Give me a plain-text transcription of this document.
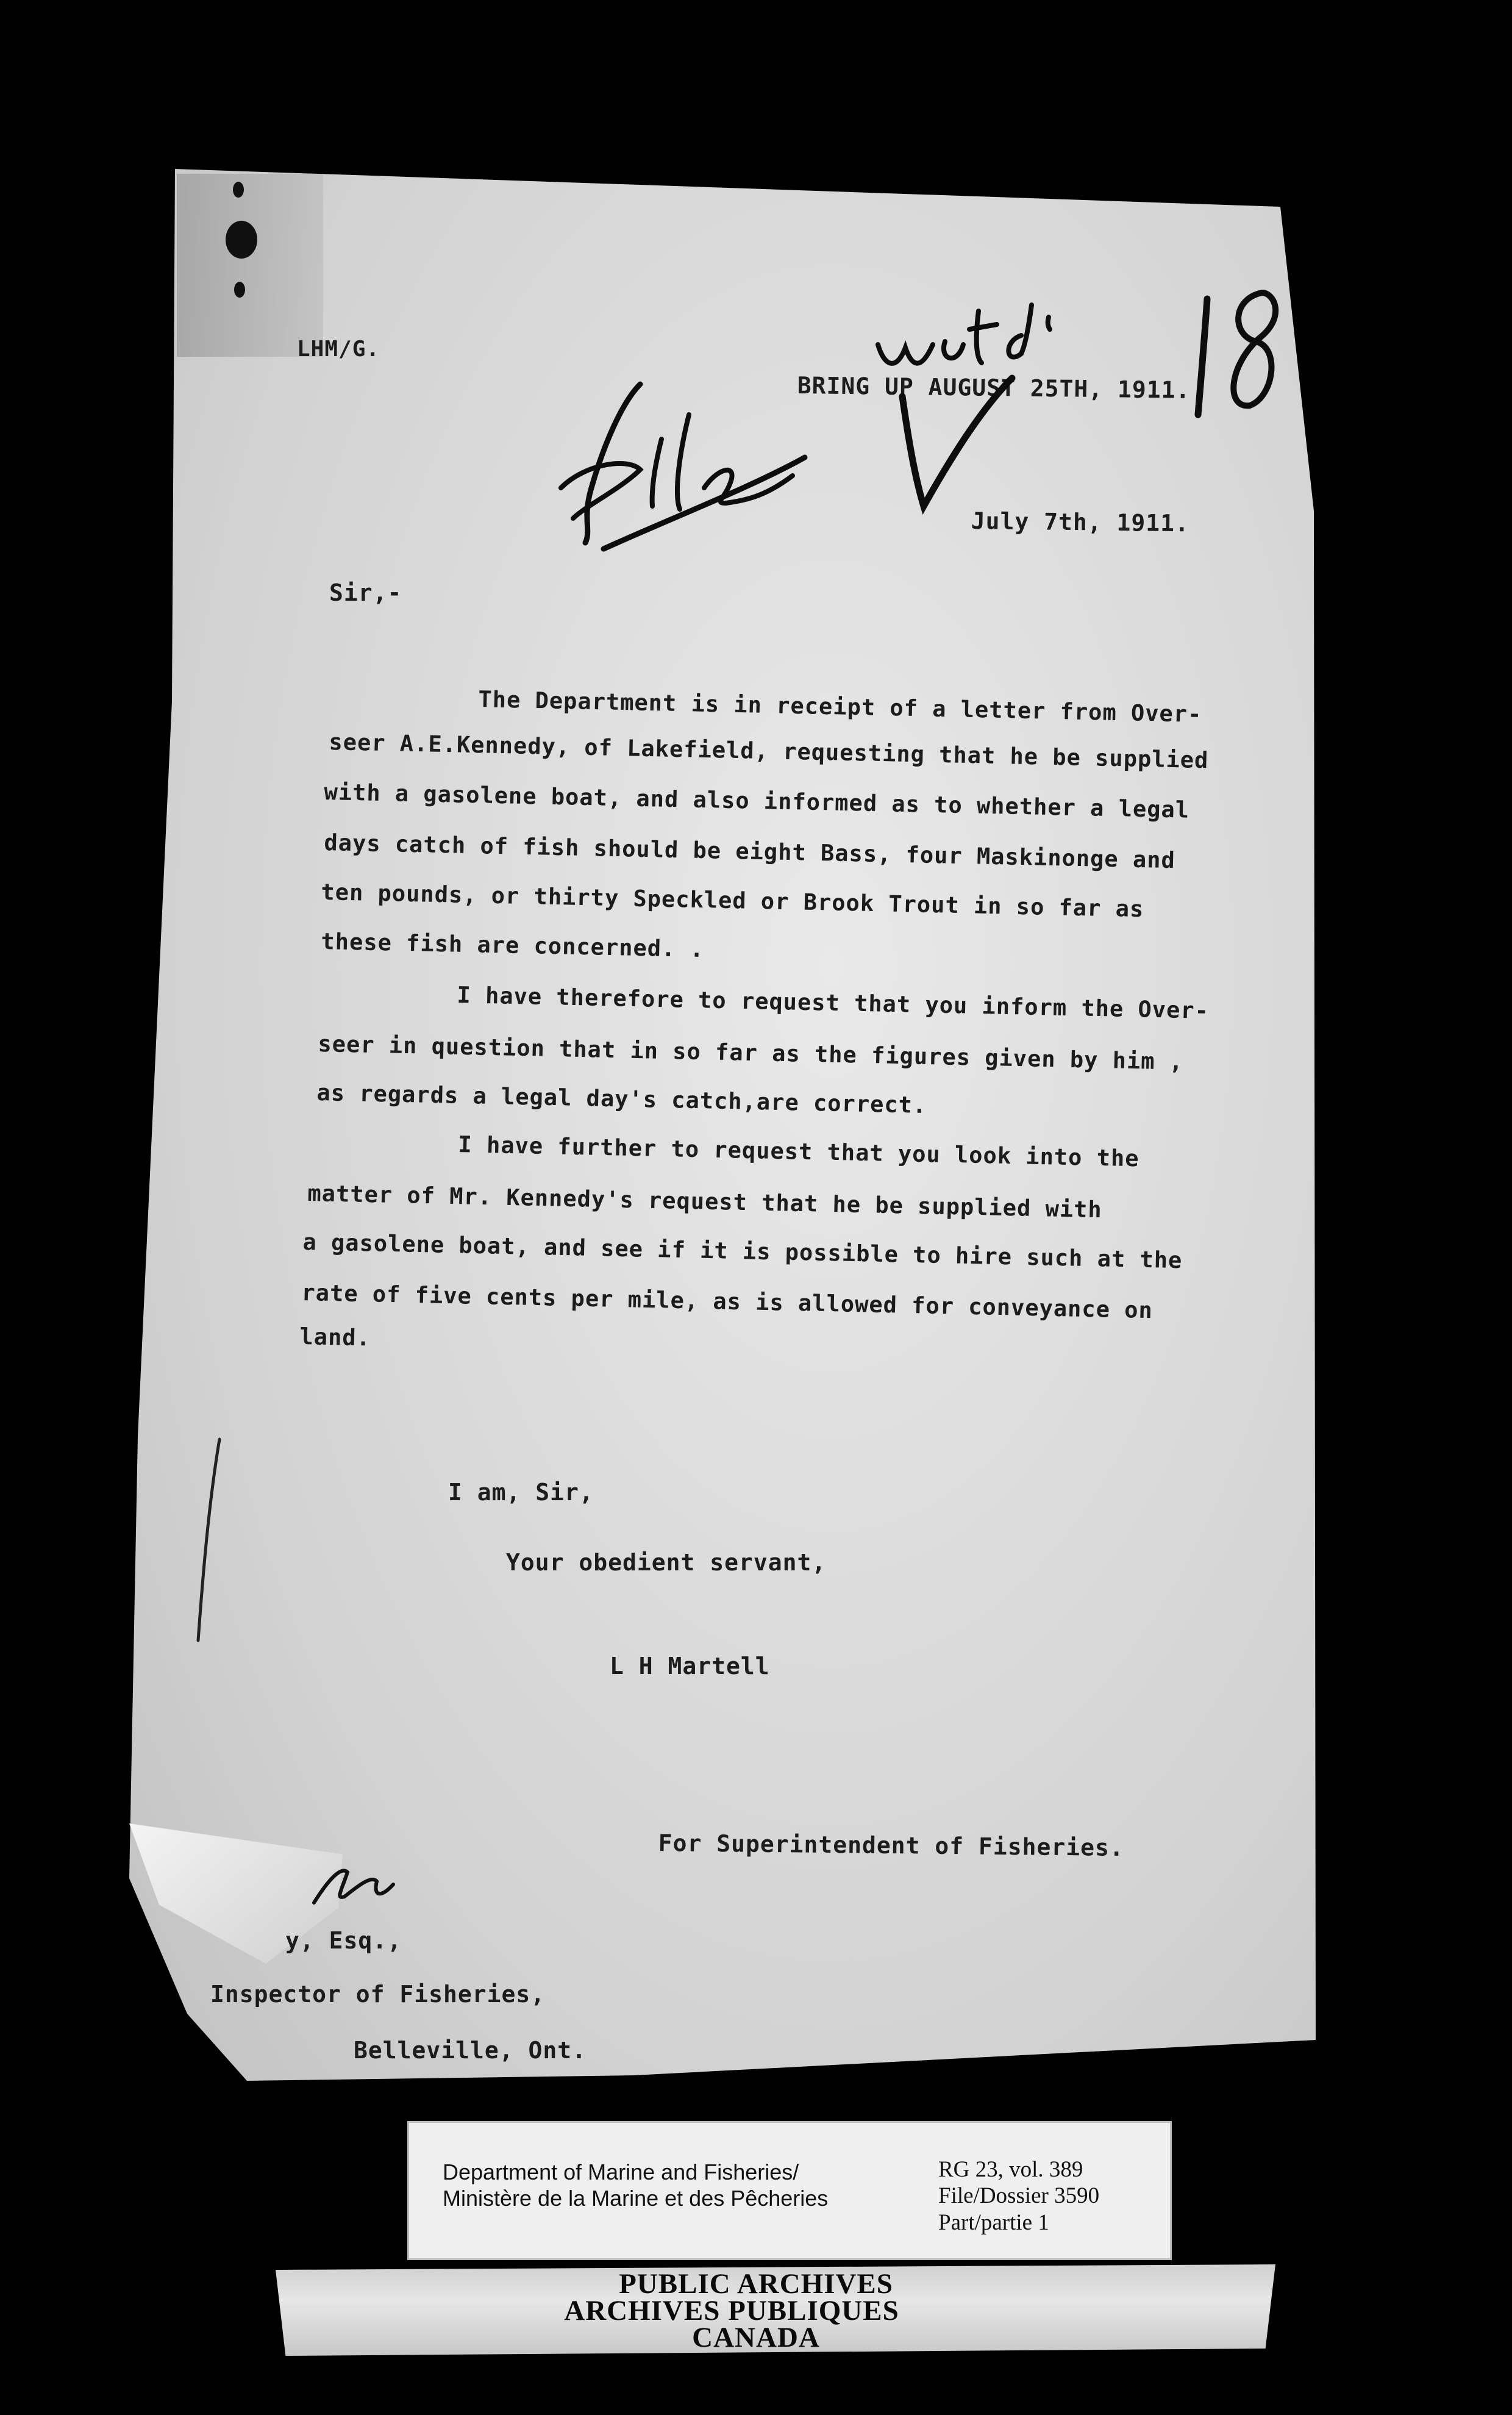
LHM/G.

BRING UP AUGUST 25TH, 1911.

July 7th, 1911.

Sir,-

The Department is in receipt of a letter from Over-

seer A.E.Kennedy, of Lakefield, requesting that he be supplied

with a gasolene boat, and also informed as to whether a legal

days catch of fish should be eight Bass, four Maskinonge and

ten pounds, or thirty Speckled or Brook Trout in so far as

these fish are concerned. .

I have therefore to request that you inform the Over-

seer in question that in so far as the figures given by him ,

as regards a legal day's catch,are correct.

I have further to request that you look into the

matter of Mr. Kennedy's request that he be supplied with

a gasolene boat, and see if it is possible to hire such at the

rate of five cents per mile, as is allowed for conveyance on

land.

I am, Sir,

Your obedient servant,

L H Martell

For Superintendent of Fisheries.

y, Esq.,

Inspector of Fisheries,

Belleville, Ont.

Department of Marine and Fisheries/

Ministère de la Marine et des Pêcheries

RG 23, vol. 389

File/Dossier 3590

Part/partie 1

PUBLIC ARCHIVES

ARCHIVES PUBLIQUES

CANADA
